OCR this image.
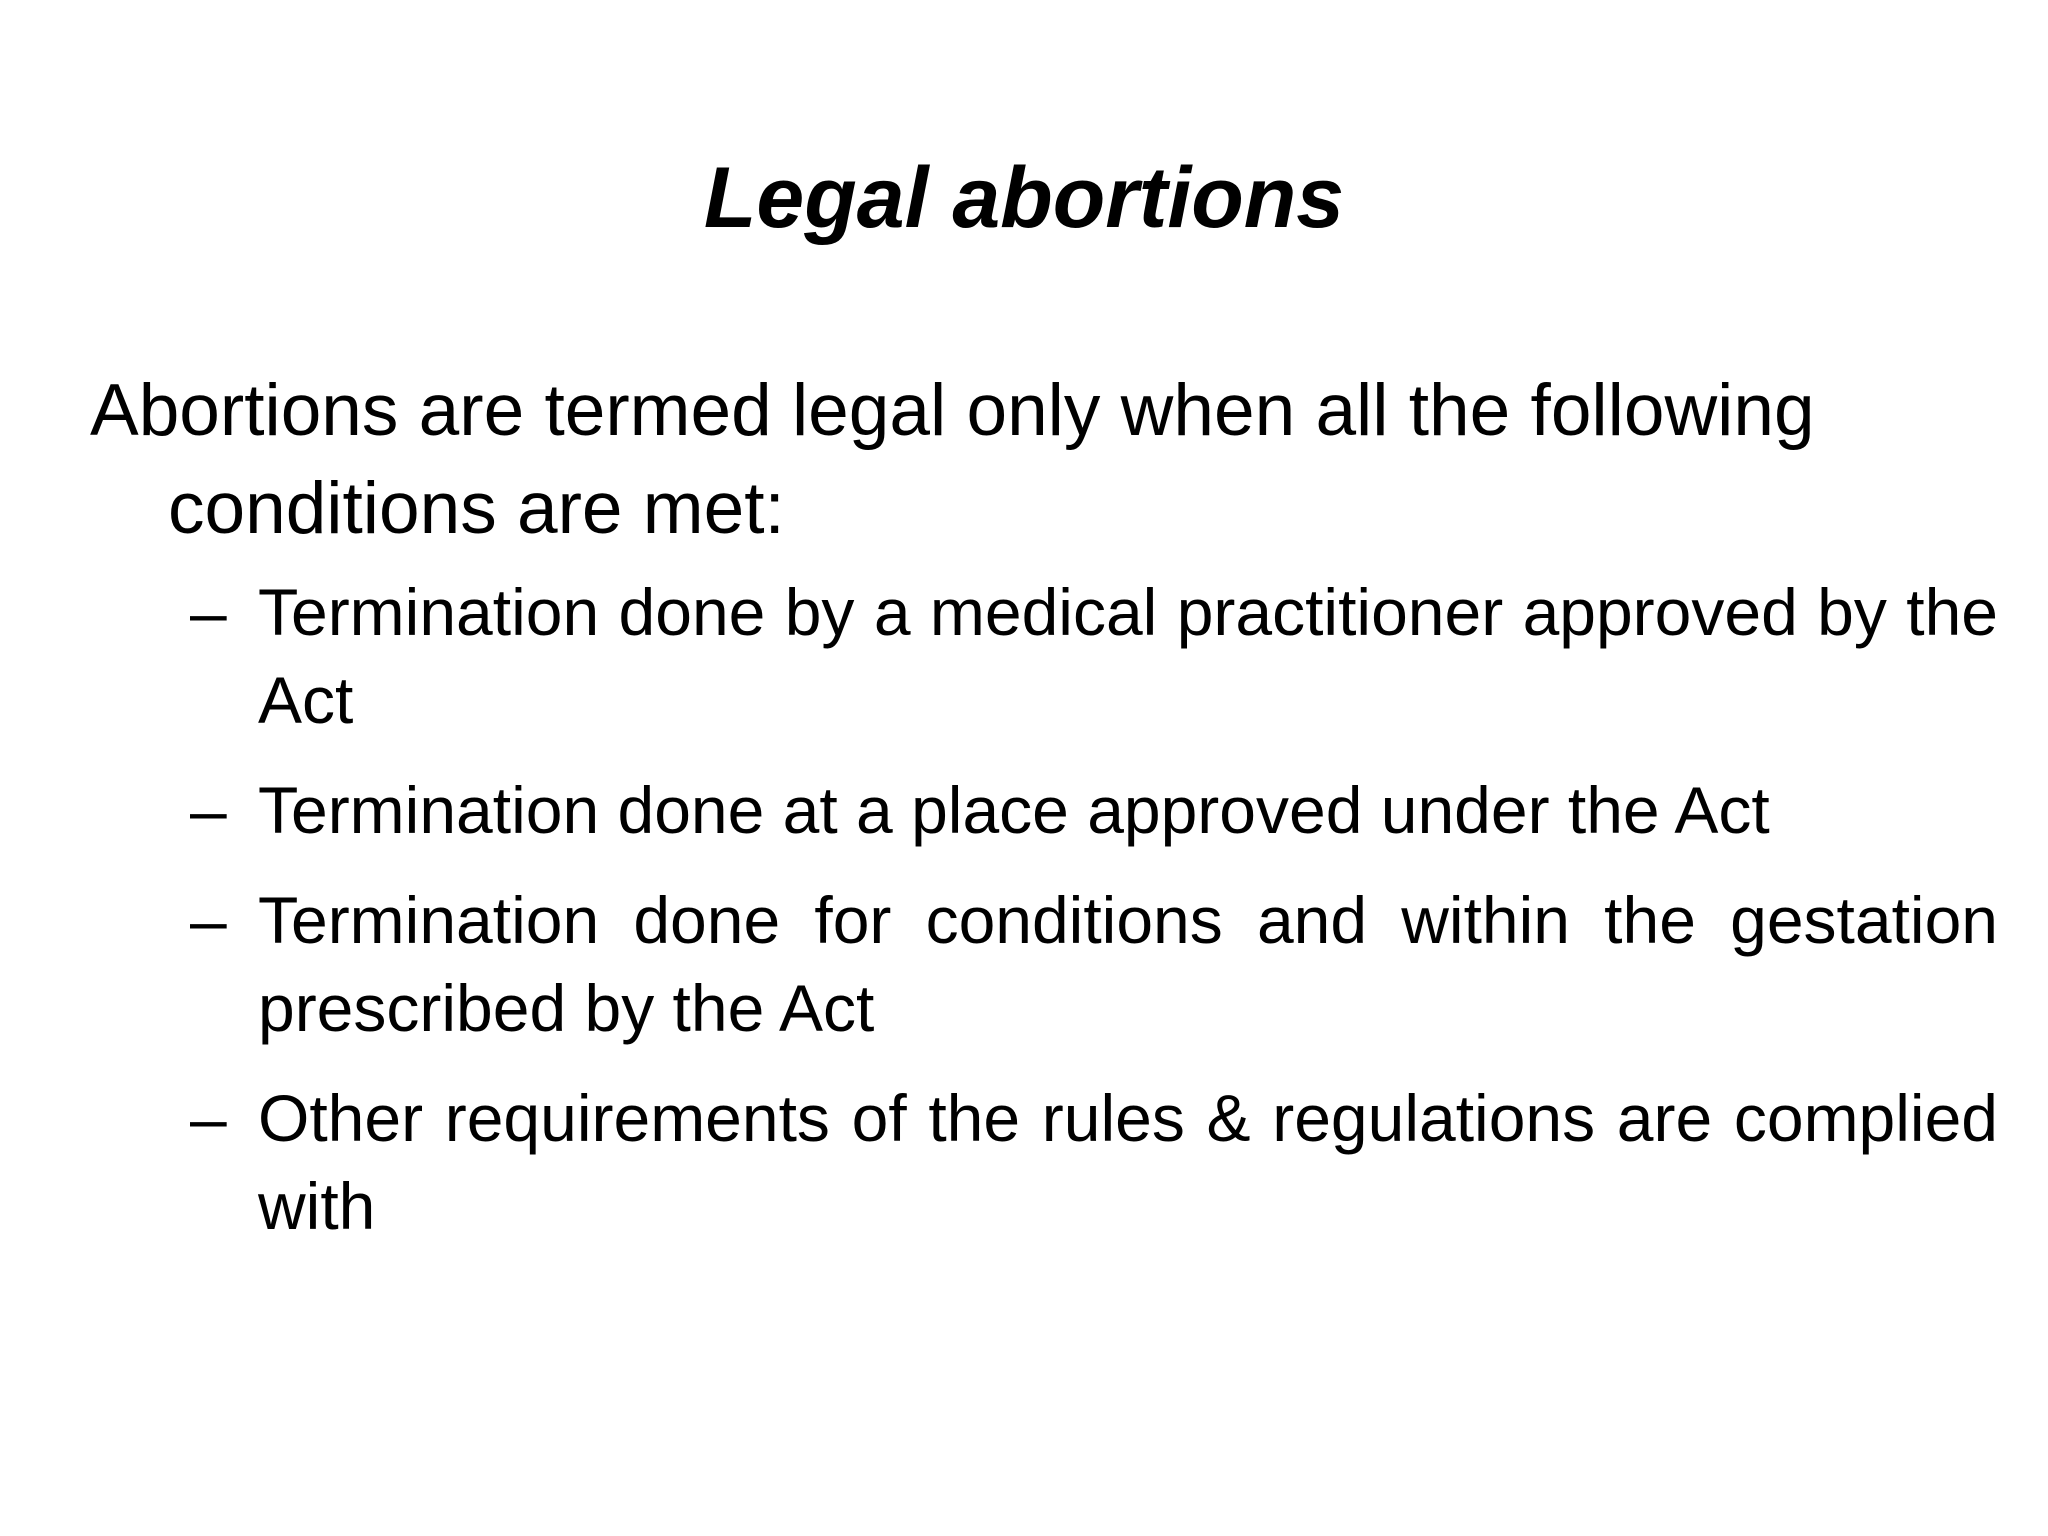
Legal abortions

Abortions are termed legal only when all the following conditions are met:

– Termination done by a medical practitioner approved by the Act
– Termination done at a place approved under the Act
– Termination done for conditions and within the gestation prescribed by the Act
– Other requirements of the rules & regulations are complied with
